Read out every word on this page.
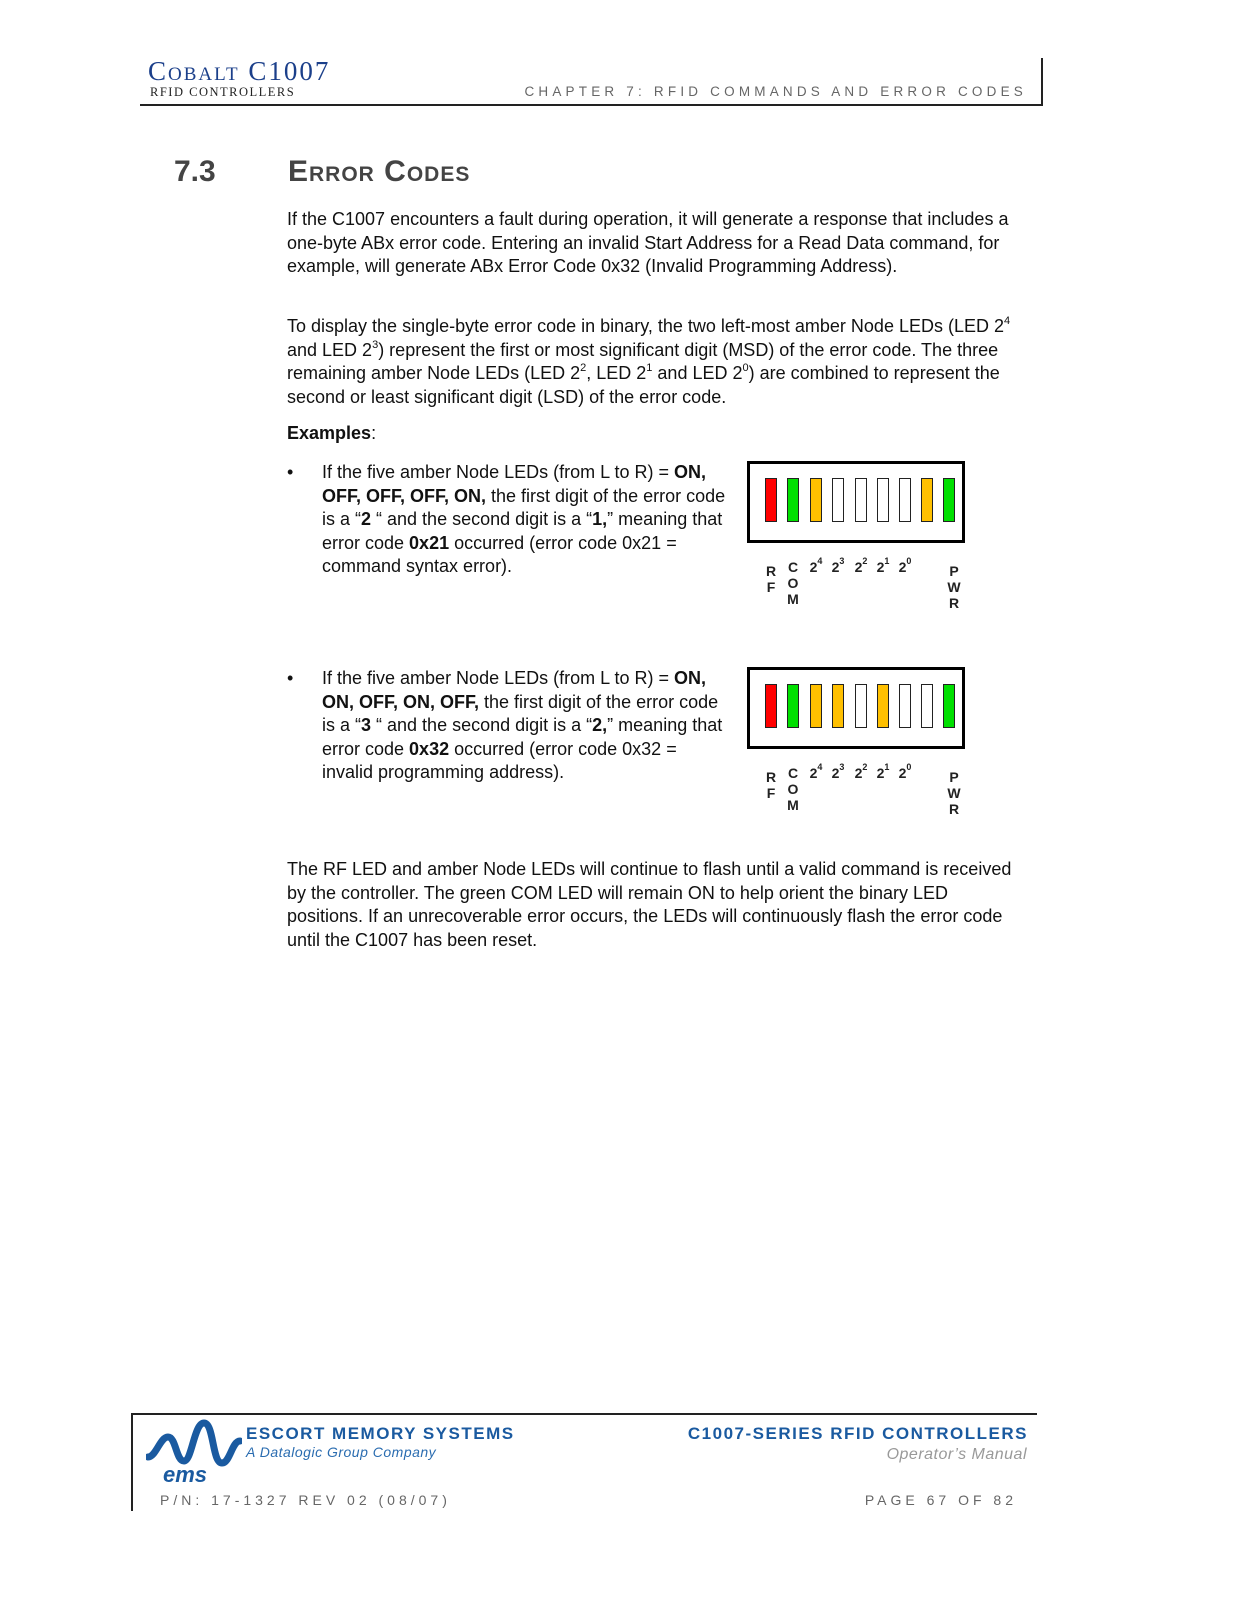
Cobalt C1007
RFID CONTROLLERS	CHAPTER 7: RFID COMMANDS AND ERROR CODES
7.3 Error Codes

If the C1007 encounters a fault during operation, it will generate a response that includes a one-byte ABx error code. Entering an invalid Start Address for a Read Data command, for example, will generate ABx Error Code 0x32 (Invalid Programming Address).

To display the single-byte error code in binary, the two left-most amber Node LEDs (LED $2^4$ and LED $2^3$) represent the first or most significant digit (MSD) of the error code. The three remaining amber Node LEDs (LED $2^2$, LED $2^1$ and LED $2^0$) are combined to represent the second or least significant digit (LSD) of the error code.

Examples:
• If the five amber Node LEDs (from L to R) = ON, OFF, OFF, OFF, ON, the first digit of the error code is a “2 “ and the second digit is a “1,” meaning that error code 0x21 occurred (error code 0x21 = command syntax error).

• If the five amber Node LEDs (from L to R) = ON, ON, OFF, ON, OFF, the first digit of the error code is a “3 “ and the second digit is a “2,” meaning that error code 0x32 occurred (error code 0x32 = invalid programming address).

R
F
C
O
M
$2^4$ $2^3$ $2^2$ $2^1$ $2^0$
P
W
R
R
F
C
O
M
$2^4$ $2^3$ $2^2$ $2^1$ $2^0$
P
W
R

The RF LED and amber Node LEDs will continue to flash until a valid command is received by the controller. The green COM LED will remain ON to help orient the binary LED positions. If an unrecoverable error occurs, the LEDs will continuously flash the error code until the C1007 has been reset.

ems
ESCORT MEMORY SYSTEMS
A Datalogic Group Company
C1007-SERIES RFID CONTROLLERS
Operator’s Manual
P/N: 17-1327 REV 02 (08/07)	PAGE 67 OF 82
